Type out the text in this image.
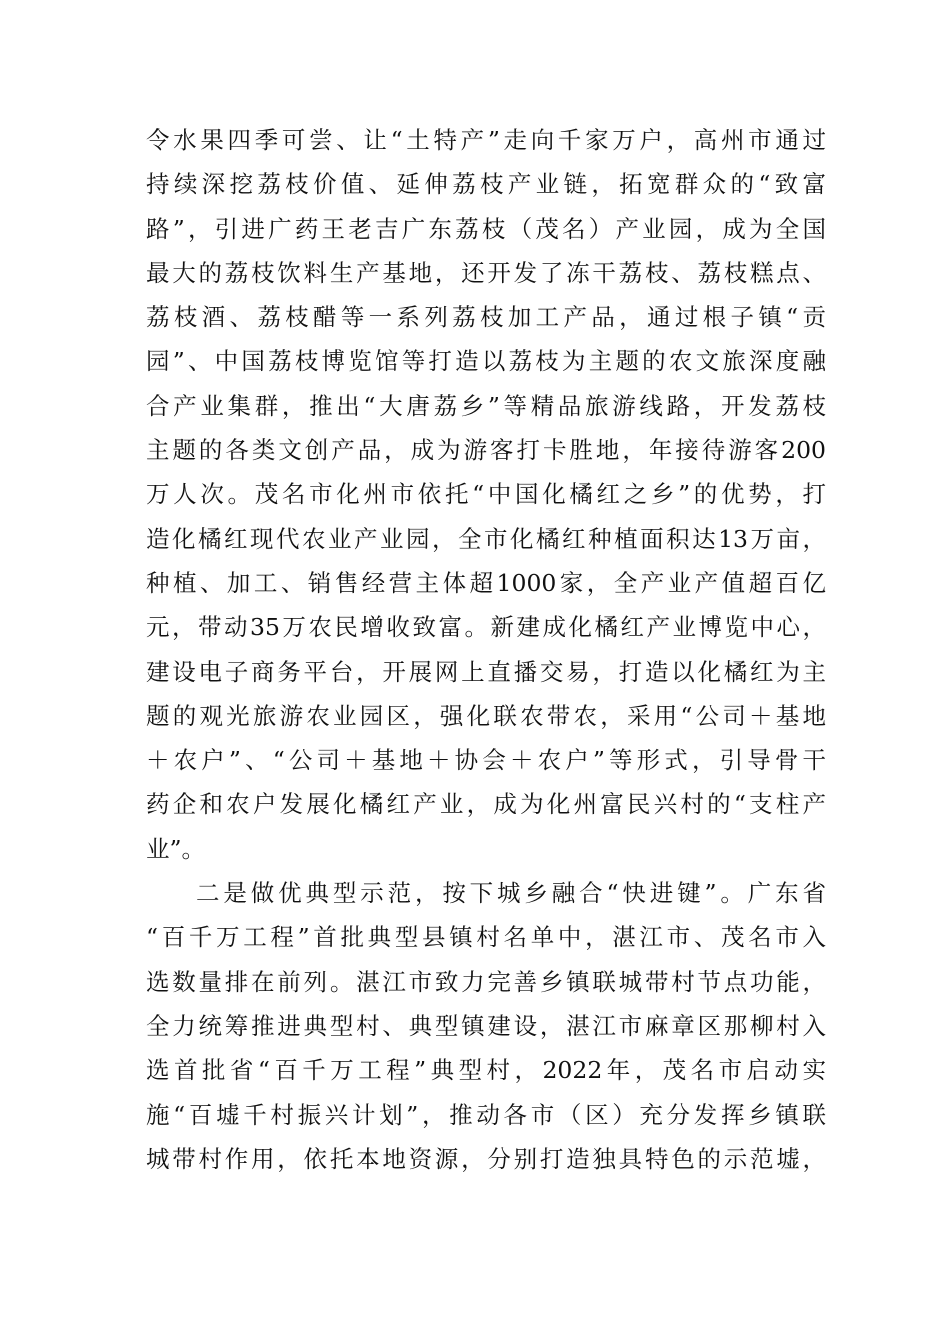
令水果四季可尝、让“土特产”走向千家万户，高州市通过
持续深挖荔枝价值、延伸荔枝产业链，拓宽群众的“致富
路”，引进广药王老吉广东荔枝（茂名）产业园，成为全国
最大的荔枝饮料生产基地，还开发了冻干荔枝、荔枝糕点、
荔枝酒、荔枝醋等一系列荔枝加工产品，通过根子镇“贡
园”、中国荔枝博览馆等打造以荔枝为主题的农文旅深度融
合产业集群，推出“大唐荔乡”等精品旅游线路，开发荔枝
主题的各类文创产品，成为游客打卡胜地，年接待游客200
万人次。茂名市化州市依托“中国化橘红之乡”的优势，打
造化橘红现代农业产业园，全市化橘红种植面积达13万亩，
种植、加工、销售经营主体超1000家，全产业产值超百亿
元，带动35万农民增收致富。新建成化橘红产业博览中心，
建设电子商务平台，开展网上直播交易，打造以化橘红为主
题的观光旅游农业园区，强化联农带农，采用“公司＋基地
＋农户”、“公司＋基地＋协会＋农户”等形式，引导骨干
药企和农户发展化橘红产业，成为化州富民兴村的“支柱产
业”。
二是做优典型示范，按下城乡融合“快进键”。广东省
“百千万工程”首批典型县镇村名单中，湛江市、茂名市入
选数量排在前列。湛江市致力完善乡镇联城带村节点功能，
全力统筹推进典型村、典型镇建设，湛江市麻章区那柳村入
选首批省“百千万工程”典型村，2022年，茂名市启动实
施“百墟千村振兴计划”，推动各市（区）充分发挥乡镇联
城带村作用，依托本地资源，分别打造独具特色的示范墟，
